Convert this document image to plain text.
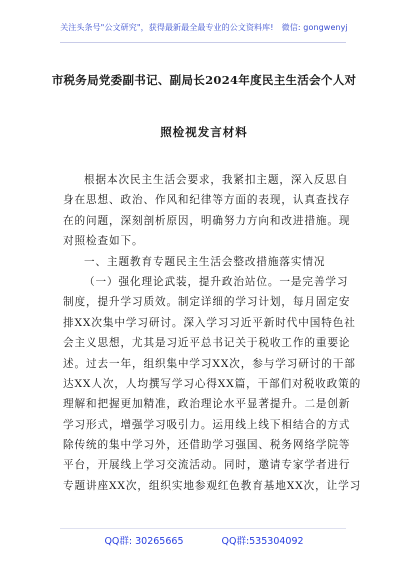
关注头条号"公文研究"，获得最新最全最专业的公文资料库!　微信: gongwenyj
市税务局党委副书记、副局长2024年度民主生活会个人对
照检视发言材料
根据本次民主生活会要求，我紧扣主题，深入反思自
身在思想、政治、作风和纪律等方面的表现，认真查找存
在的问题，深刻剖析原因，明确努力方向和改进措施。现
对照检查如下。
一、主题教育专题民主生活会整改措施落实情况
（一）强化理论武装，提升政治站位。一是完善学习
制度，提升学习质效。制定详细的学习计划，每月固定安
排XX次集中学习研讨。深入学习习近平新时代中国特色社
会主义思想，尤其是习近平总书记关于税收工作的重要论
述。过去一年，组织集中学习XX次，参与学习研讨的干部
达XX人次，人均撰写学习心得XX篇，干部们对税收政策的
理解和把握更加精准，政治理论水平显著提升。二是创新
学习形式，增强学习吸引力。运用线上线下相结合的方式
除传统的集中学习外，还借助学习强国、税务网络学院等
平台，开展线上学习交流活动。同时，邀请专家学者进行
专题讲座XX次，组织实地参观红色教育基地XX次，让学习
QQ群: 30265665	QQ群:535304092
